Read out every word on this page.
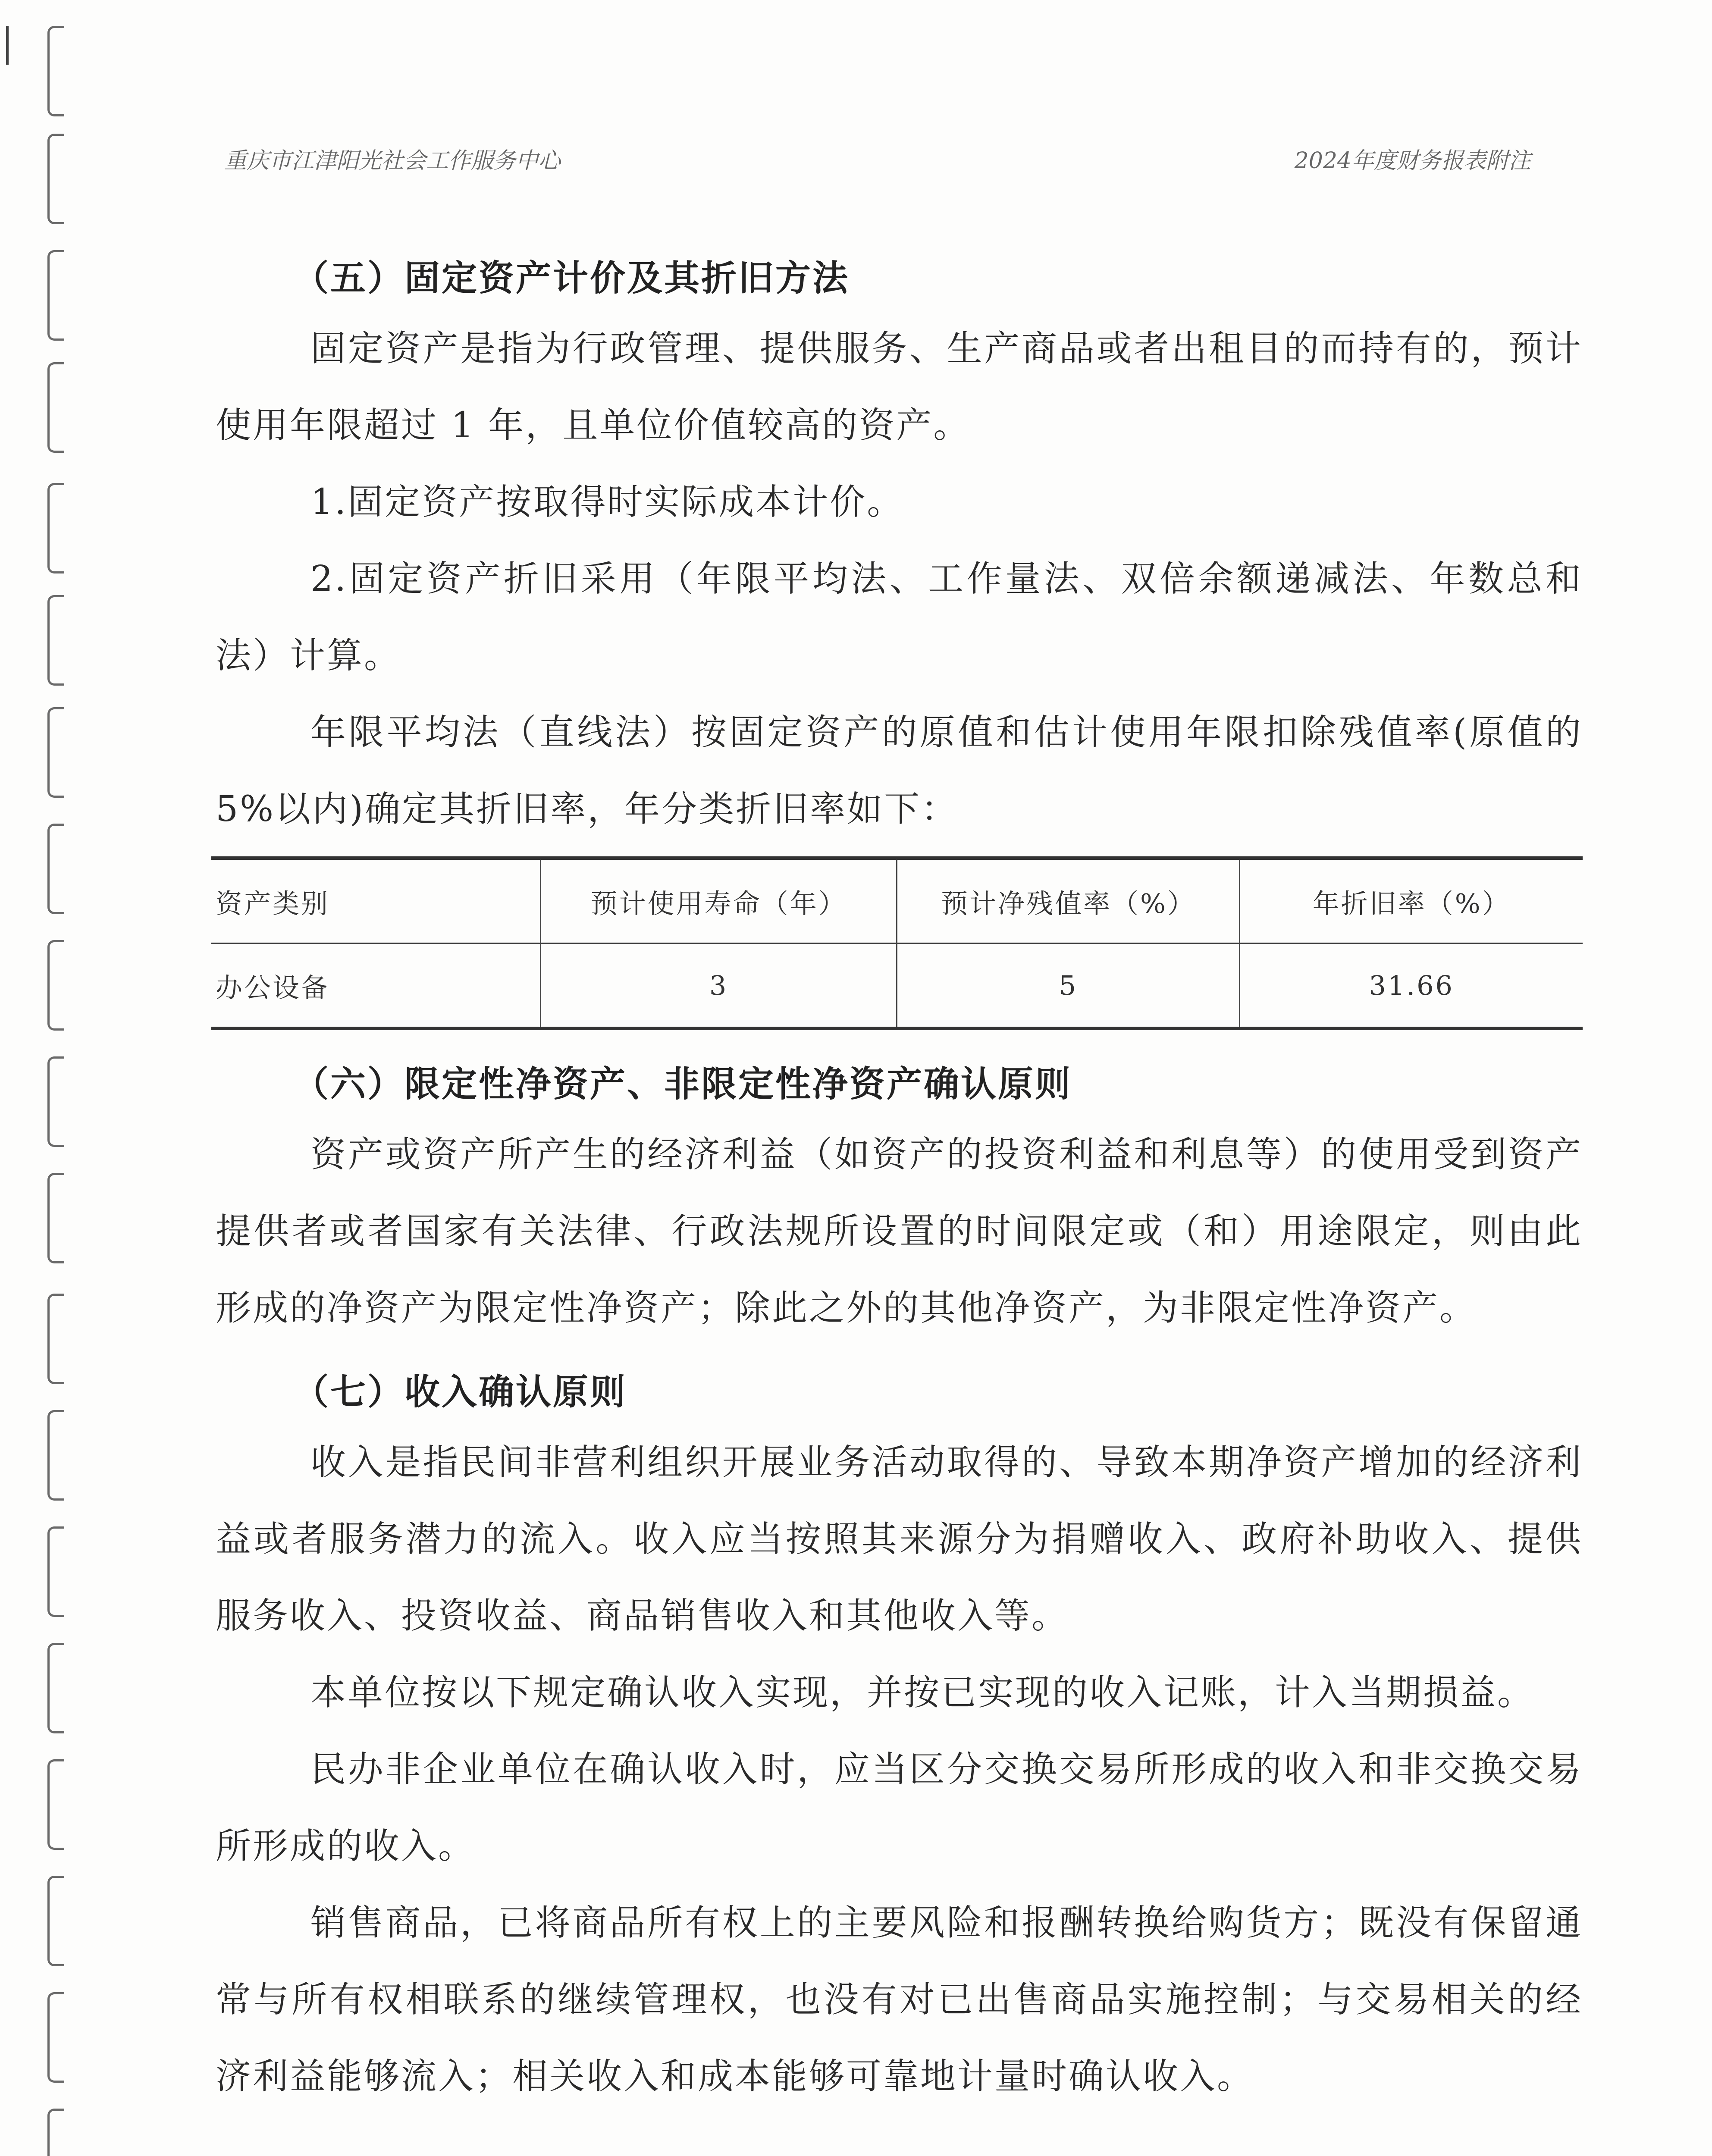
重庆市江津阳光社会工作服务中心	2024年度财务报表附注

（五）固定资产计价及其折旧方法

固定资产是指为行政管理、提供服务、生产商品或者出租目的而持有的，预计使用年限超过 1 年，且单位价值较高的资产。

1.固定资产按取得时实际成本计价。

2.固定资产折旧采用（年限平均法、工作量法、双倍余额递减法、年数总和法）计算。

年限平均法（直线法）按固定资产的原值和估计使用年限扣除残值率(原值的 5%以内)确定其折旧率，年分类折旧率如下：

资产类别	预计使用寿命（年）	预计净残值率（%）	年折旧率（%）
办公设备	3	5	31.66

（六）限定性净资产、非限定性净资产确认原则

资产或资产所产生的经济利益（如资产的投资利益和利息等）的使用受到资产提供者或者国家有关法律、行政法规所设置的时间限定或（和）用途限定，则由此形成的净资产为限定性净资产；除此之外的其他净资产，为非限定性净资产。

（七）收入确认原则

收入是指民间非营利组织开展业务活动取得的、导致本期净资产增加的经济利益或者服务潜力的流入。收入应当按照其来源分为捐赠收入、政府补助收入、提供服务收入、投资收益、商品销售收入和其他收入等。

本单位按以下规定确认收入实现，并按已实现的收入记账，计入当期损益。

民办非企业单位在确认收入时，应当区分交换交易所形成的收入和非交换交易所形成的收入。

销售商品，已将商品所有权上的主要风险和报酬转换给购货方；既没有保留通常与所有权相联系的继续管理权，也没有对已出售商品实施控制；与交易相关的经济利益能够流入；相关收入和成本能够可靠地计量时确认收入。
